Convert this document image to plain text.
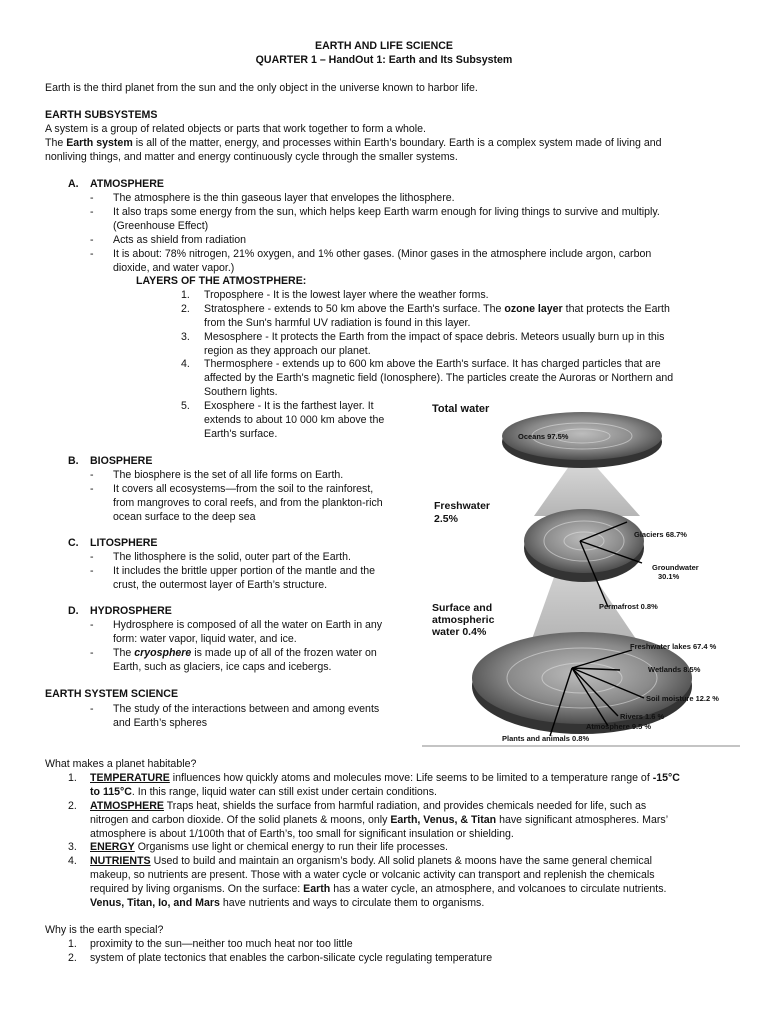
EARTH AND LIFE SCIENCE
QUARTER 1 – HandOut 1: Earth and Its Subsystem
Earth is the third planet from the sun and the only object in the universe known to harbor life.
EARTH SUBSYSTEMS
A system is a group of related objects or parts that work together to form a whole.
The Earth system is all of the matter, energy, and processes within Earth’s boundary. Earth is a complex system made of living and
nonliving things, and matter and energy continuously cycle through the smaller systems.
A. ATMOSPHERE
- The atmosphere is the thin gaseous layer that envelopes the lithosphere.
- It also traps some energy from the sun, which helps keep Earth warm enough for living things to survive and multiply.
(Greenhouse Effect)
- Acts as shield from radiation
- It is about: 78% nitrogen, 21% oxygen, and 1% other gases. (Minor gases in the atmosphere include argon, carbon
dioxide, and water vapor.)
LAYERS OF THE ATMOSTPHERE:
1. Troposphere - It is the lowest layer where the weather forms.
2. Stratosphere - extends to 50 km above the Earth's surface. The ozone layer that protects the Earth
from the Sun's harmful UV radiation is found in this layer.
3. Mesosphere - It protects the Earth from the impact of space debris. Meteors usually burn up in this
region as they approach our planet.
4. Thermosphere - extends up to 600 km above the Earth's surface. It has charged particles that are
affected by the Earth's magnetic field (Ionosphere). The particles create the Auroras or Northern and
Southern lights.
5. Exosphere - It is the farthest layer. It
extends to about 10 000 km above the
Earth's surface.
B. BIOSPHERE
- The biosphere is the set of all life forms on Earth.
- It covers all ecosystems—from the soil to the rainforest,
from mangroves to coral reefs, and from the plankton-rich
ocean surface to the deep sea
C. LITOSPHERE
- The lithosphere is the solid, outer part of the Earth.
- It includes the brittle upper portion of the mantle and the
crust, the outermost layer of Earth’s structure.
D. HYDROSPHERE
- Hydrosphere is composed of all the water on Earth in any
form: water vapor, liquid water, and ice.
- The cryosphere is made up of all of the frozen water on
Earth, such as glaciers, ice caps and icebergs.
EARTH SYSTEM SCIENCE
- The study of the interactions between and among events
and Earth’s spheres
Total water
Oceans 97.5%
Freshwater
2.5%
Glaciers 68.7%
Groundwater
30.1%
Permafrost 0.8%
Surface and
atmospheric
water 0.4%
Freshwater lakes 67.4 %
Wetlands 8.5%
Soil moisture 12.2 %
Rivers 1.6 %
Atmosphere 9.5 %
Plants and animals 0.8%
What makes a planet habitable?
1. TEMPERATURE influences how quickly atoms and molecules move: Life seems to be limited to a temperature range of -15°C
to 115°C. In this range, liquid water can still exist under certain conditions.
2. ATMOSPHERE Traps heat, shields the surface from harmful radiation, and provides chemicals needed for life, such as
nitrogen and carbon dioxide. Of the solid planets & moons, only Earth, Venus, & Titan have significant atmospheres. Mars’
atmosphere is about 1/100th that of Earth’s, too small for significant insulation or shielding.
3. ENERGY Organisms use light or chemical energy to run their life processes.
4. NUTRIENTS Used to build and maintain an organism’s body. All solid planets & moons have the same general chemical
makeup, so nutrients are present. Those with a water cycle or volcanic activity can transport and replenish the chemicals
required by living organisms. On the surface: Earth has a water cycle, an atmosphere, and volcanoes to circulate nutrients.
Venus, Titan, Io, and Mars have nutrients and ways to circulate them to organisms.
Why is the earth special?
1. proximity to the sun—neither too much heat nor too little
2. system of plate tectonics that enables the carbon-silicate cycle regulating temperature
